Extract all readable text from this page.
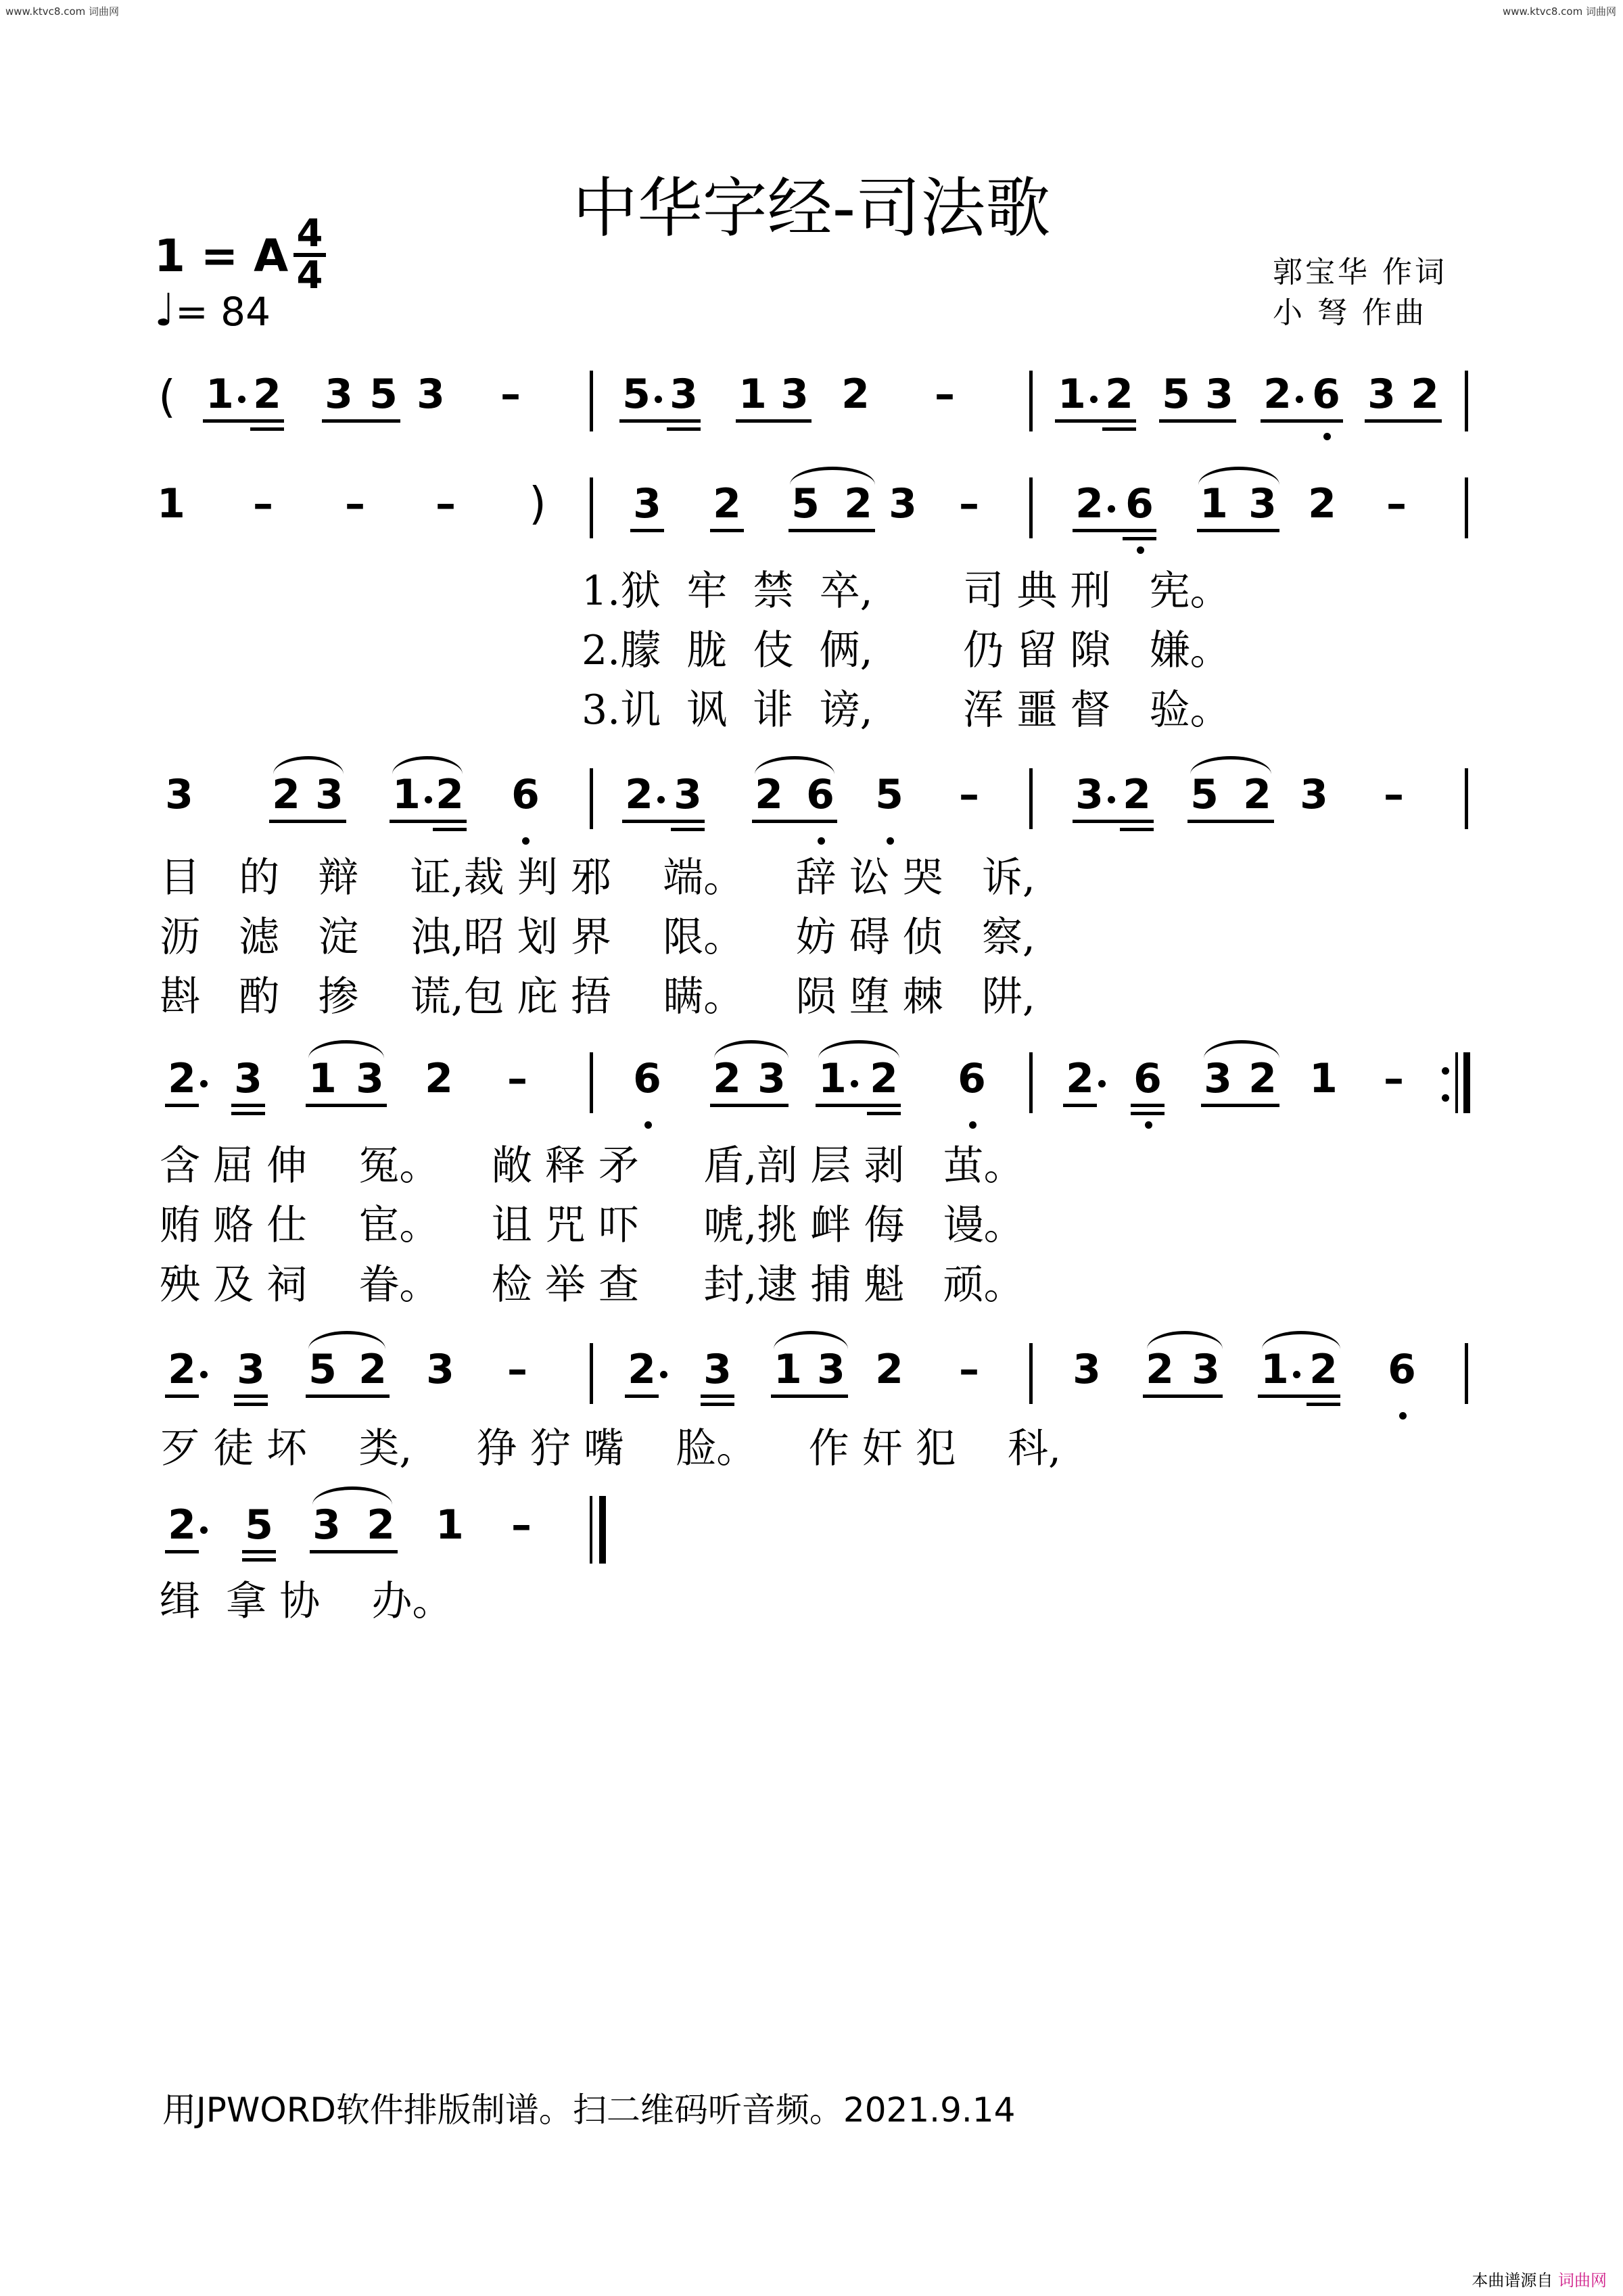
www.ktvc8.com 词曲网	www.ktvc8.com 词曲网
中华字经-司法歌
1 = A 4
4
♩= 84
郭宝华 作词
小 弩 作曲
( 1 2 3 5 3 –	5 3 1 3 2 –	1 2 5 3 2 6 3 2
1 – – – ) 3 2 5 2 3 – 2 6 1 3 2 –
1.狱  牢  禁  卒,       司 典 刑   宪。
2.朦  胧  伎  俩,       仍 留 隙   嫌。
3.讥  讽  诽  谤,       浑 噩 督   验。
3 2 3 1 2 6 2 3 2 6 5 – 3 2 5 2 3 –
目   的   辩    证,裁 判 邪    端。    辞 讼 哭   诉,
沥   滤   淀    浊,昭 划 界    限。    妨 碍 侦   察,
斟   酌   掺    谎,包 庇 捂    瞒。    陨 堕 棘   阱,
2 3 1 3 2 –	6 2 3 1 2 6 2 6 3 2 1 –
含 屈 伸    冤。    敞 释 矛     盾,剖 层 剥   茧。
贿 赂 仕    宦。    诅 咒 吓     唬,挑 衅 侮   谩。
殃 及 祠    眷。    检 举 查     封,逮 捕 魁   顽。
2 3 5 2 3 – 2 3 1 3 2 – 3 2 3 1 2 6
歹 徒 坏    类,     狰 狞 嘴    脸。    作 奸 犯    科,
2 5 3 2 1 –
缉  拿 协    办。
用JPWORD软件排版制谱。扫二维码听音频。2021.9.14
本曲谱源自 词曲网
